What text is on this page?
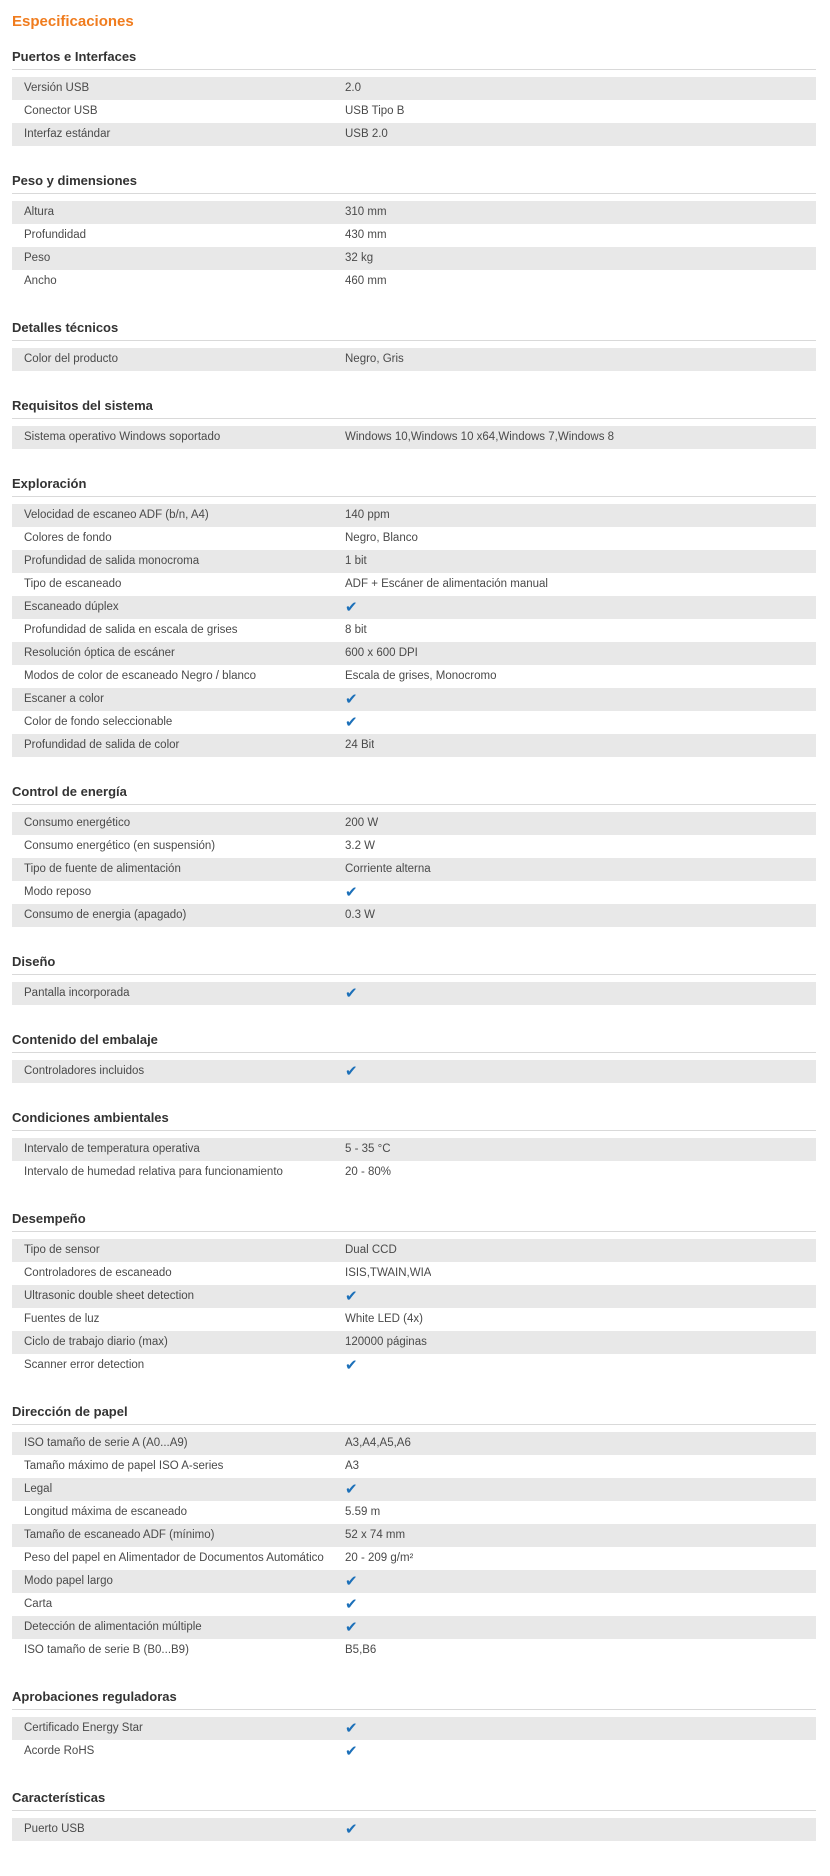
Especificaciones
Puertos e Interfaces
Versión USB	2.0
Conector USB	USB Tipo B
Interfaz estándar	USB 2.0
Peso y dimensiones
Altura	310 mm
Profundidad	430 mm
Peso	32 kg
Ancho	460 mm
Detalles técnicos
Color del producto	Negro, Gris
Requisitos del sistema
Sistema operativo Windows soportado	Windows 10,Windows 10 x64,Windows 7,Windows 8
Exploración
Velocidad de escaneo ADF (b/n, A4)	140 ppm
Colores de fondo	Negro, Blanco
Profundidad de salida monocroma	1 bit
Tipo de escaneado	ADF + Escáner de alimentación manual
Escaneado dúplex	✔
Profundidad de salida en escala de grises	8 bit
Resolución óptica de escáner	600 x 600 DPI
Modos de color de escaneado Negro / blanco	Escala de grises, Monocromo
Escaner a color	✔
Color de fondo seleccionable	✔
Profundidad de salida de color	24 Bit
Control de energía
Consumo energético	200 W
Consumo energético (en suspensión)	3.2 W
Tipo de fuente de alimentación	Corriente alterna
Modo reposo	✔
Consumo de energia (apagado)	0.3 W
Diseño
Pantalla incorporada	✔
Contenido del embalaje
Controladores incluidos	✔
Condiciones ambientales
Intervalo de temperatura operativa	5 - 35 °C
Intervalo de humedad relativa para funcionamiento	20 - 80%
Desempeño
Tipo de sensor	Dual CCD
Controladores de escaneado	ISIS,TWAIN,WIA
Ultrasonic double sheet detection	✔
Fuentes de luz	White LED (4x)
Ciclo de trabajo diario (max)	120000 páginas
Scanner error detection	✔
Dirección de papel
ISO tamaño de serie A (A0...A9)	A3,A4,A5,A6
Tamaño máximo de papel ISO A-series	A3
Legal	✔
Longitud máxima de escaneado	5.59 m
Tamaño de escaneado ADF (mínimo)	52 x 74 mm
Peso del papel en Alimentador de Documentos Automático	20 - 209 g/m²
Modo papel largo	✔
Carta	✔
Detección de alimentación múltiple	✔
ISO tamaño de serie B (B0...B9)	B5,B6
Aprobaciones reguladoras
Certificado Energy Star	✔
Acorde RoHS	✔
Características
Puerto USB	✔
